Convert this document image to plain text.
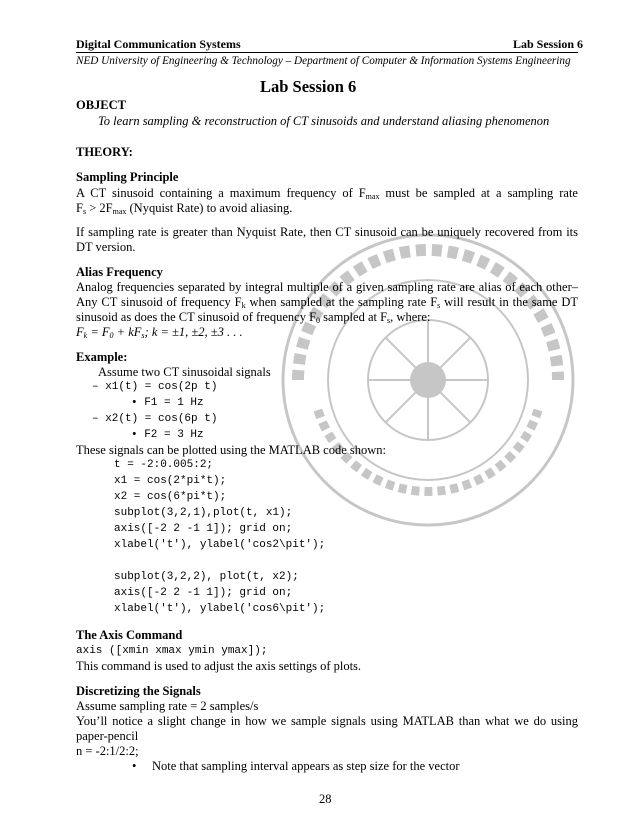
Digital Communication Systems	Lab Session 6
NED University of Engineering & Technology – Department of Computer & Information Systems Engineering
Lab Session 6
OBJECT
To learn sampling & reconstruction of CT sinusoids and understand aliasing phenomenon
THEORY:
Sampling Principle
A CT sinusoid containing a maximum frequency of $F_{max}$ must be sampled at a sampling rate
$F_s > 2F_{max}$ (Nyquist Rate) to avoid aliasing.
If sampling rate is greater than Nyquist Rate, then CT sinusoid can be uniquely recovered from its
DT version.
Alias Frequency
Analog frequencies separated by integral multiple of a given sampling rate are alias of each other–
Any CT sinusoid of frequency $F_k$ when sampled at the sampling rate $F_s$ will result in the same DT
sinusoid as does the CT sinusoid of frequency $F_0$ sampled at $F_s$, where:
$F_k = F_0 + kF_s$; k = ±1, ±2, ±3 . . .
Example:
Assume two CT sinusoidal signals
– x1(t) = cos(2p t)
• F1 = 1 Hz
– x2(t) = cos(6p t)
• F2 = 3 Hz
These signals can be plotted using the MATLAB code shown:
t = -2:0.005:2;
x1 = cos(2*pi*t);
x2 = cos(6*pi*t);
subplot(3,2,1),plot(t, x1);
axis([-2 2 -1 1]); grid on;
xlabel('t'), ylabel('cos2\pit');
subplot(3,2,2), plot(t, x2);
axis([-2 2 -1 1]); grid on;
xlabel('t'), ylabel('cos6\pit');
The Axis Command
axis ([xmin xmax ymin ymax]);
This command is used to adjust the axis settings of plots.
Discretizing the Signals
Assume sampling rate = 2 samples/s
You’ll notice a slight change in how we sample signals using MATLAB than what we do using
paper-pencil
n = -2:1/2:2;
• Note that sampling interval appears as step size for the vector
28
